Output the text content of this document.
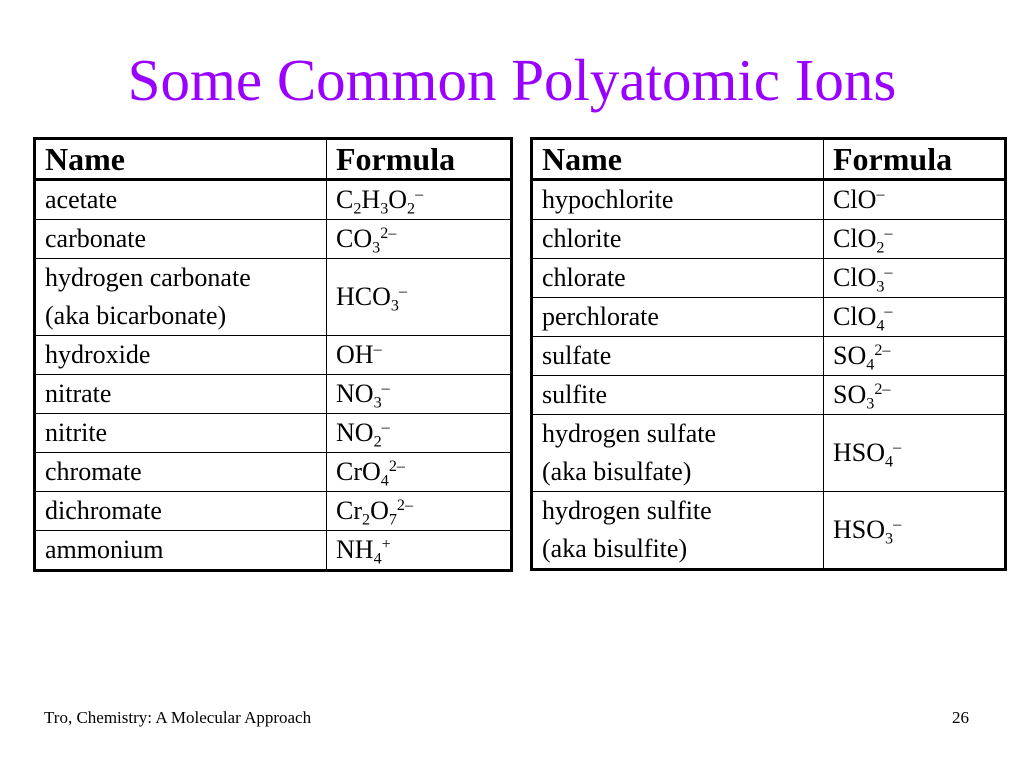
Some Common Polyatomic Ions
Name	Formula
acetate	$C_2H_3O_2^-$
carbonate	$CO_3^{2-}$
hydrogen carbonate
(aka bicarbonate)	$HCO_3^-$
hydroxide	OH–
nitrate	$NO_3^-$
nitrite	$NO_2^-$
chromate	CrO$_4^{2-}$
dichromate	$Cr_2O_7^{2-}$
ammonium	$NH_4^+$
Name	Formula
hypochlorite	ClO–
chlorite	ClO$_2$–
chlorate	ClO$_3$–
perchlorate	ClO$_4$–
sulfate	$SO_4^{2-}$
sulfite	$SO_3^{2-}$
hydrogen sulfate
(aka bisulfate)	$HSO_4^-$
hydrogen sulfite
(aka bisulfite)	$HSO_3^-$
Tro, Chemistry: A Molecular Approach	26
